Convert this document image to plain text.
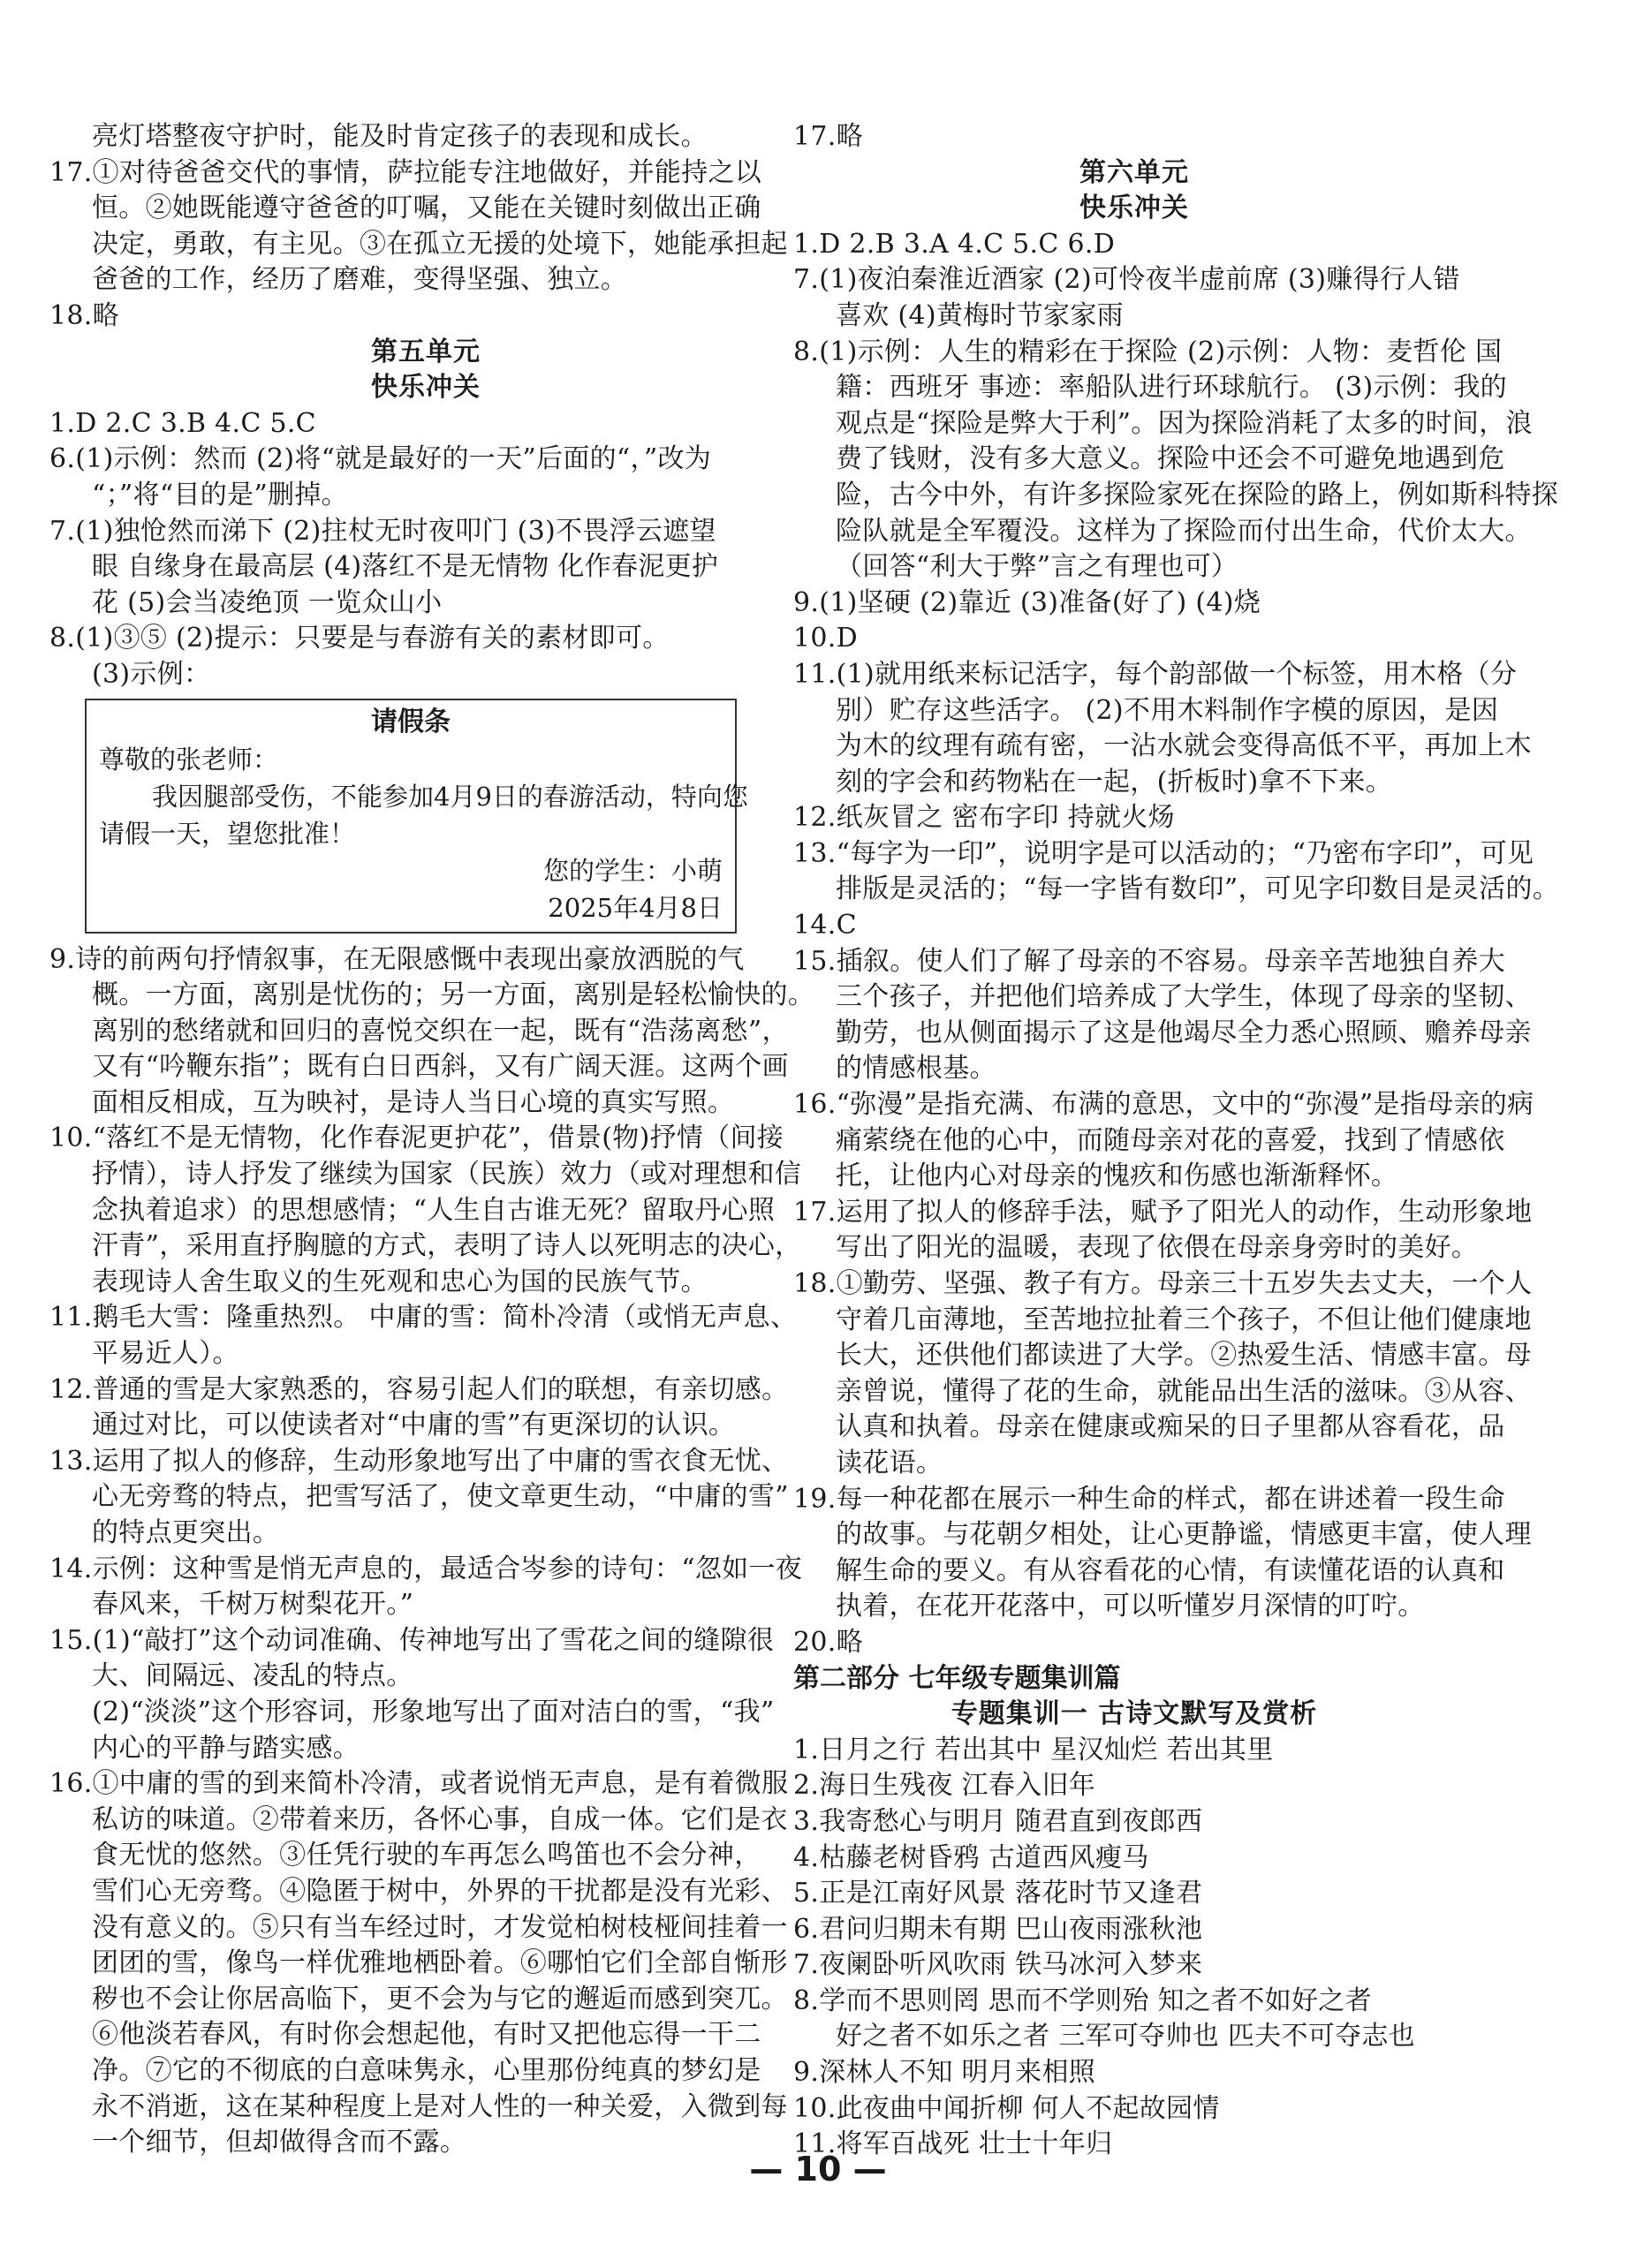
亮灯塔整夜守护时，能及时肯定孩子的表现和成长。
17.①对待爸爸交代的事情，萨拉能专注地做好，并能持之以
恒。②她既能遵守爸爸的叮嘱，又能在关键时刻做出正确
决定，勇敢，有主见。③在孤立无援的处境下，她能承担起
爸爸的工作，经历了磨难，变得坚强、独立。
18.略
第五单元
快乐冲关
1.D 2.C 3.B 4.C 5.C
6.(1)示例：然而 (2)将“就是最好的一天”后面的“，”改为
“；”将“目的是”删掉。
7.(1)独怆然而涕下 (2)拄杖无时夜叩门 (3)不畏浮云遮望
眼 自缘身在最高层 (4)落红不是无情物 化作春泥更护
花 (5)会当凌绝顶 一览众山小
8.(1)③⑤ (2)提示：只要是与春游有关的素材即可。
(3)示例：
请假条
尊敬的张老师：
我因腿部受伤，不能参加4月9日的春游活动，特向您
请假一天，望您批准！
您的学生：小萌
2025年4月8日
9.诗的前两句抒情叙事，在无限感慨中表现出豪放洒脱的气
概。一方面，离别是忧伤的；另一方面，离别是轻松愉快的。
离别的愁绪就和回归的喜悦交织在一起，既有“浩荡离愁”，
又有“吟鞭东指”；既有白日西斜，又有广阔天涯。这两个画
面相反相成，互为映衬，是诗人当日心境的真实写照。
10.“落红不是无情物，化作春泥更护花”，借景(物)抒情（间接
抒情），诗人抒发了继续为国家（民族）效力（或对理想和信
念执着追求）的思想感情；“人生自古谁无死？留取丹心照
汗青”，采用直抒胸臆的方式，表明了诗人以死明志的决心，
表现诗人舍生取义的生死观和忠心为国的民族气节。
11.鹅毛大雪：隆重热烈。 中庸的雪：简朴冷清（或悄无声息、
平易近人）。
12.普通的雪是大家熟悉的，容易引起人们的联想，有亲切感。
通过对比，可以使读者对“中庸的雪”有更深切的认识。
13.运用了拟人的修辞，生动形象地写出了中庸的雪衣食无忧、
心无旁骛的特点，把雪写活了，使文章更生动，“中庸的雪”
的特点更突出。
14.示例：这种雪是悄无声息的，最适合岑参的诗句：“忽如一夜
春风来，千树万树梨花开。”
15.(1)“敲打”这个动词准确、传神地写出了雪花之间的缝隙很
大、间隔远、凌乱的特点。
(2)“淡淡”这个形容词，形象地写出了面对洁白的雪，“我”
内心的平静与踏实感。
16.①中庸的雪的到来简朴冷清，或者说悄无声息，是有着微服
私访的味道。②带着来历，各怀心事，自成一体。它们是衣
食无忧的悠然。③任凭行驶的车再怎么鸣笛也不会分神，
雪们心无旁骛。④隐匿于树中，外界的干扰都是没有光彩、
没有意义的。⑤只有当车经过时，才发觉柏树枝桠间挂着一
团团的雪，像鸟一样优雅地栖卧着。⑥哪怕它们全部自惭形
秽也不会让你居高临下，更不会为与它的邂逅而感到突兀。
⑥他淡若春风，有时你会想起他，有时又把他忘得一干二
净。⑦它的不彻底的白意味隽永，心里那份纯真的梦幻是
永不消逝，这在某种程度上是对人性的一种关爱，入微到每
一个细节，但却做得含而不露。
17.略
第六单元
快乐冲关
1.D 2.B 3.A 4.C 5.C 6.D
7.(1)夜泊秦淮近酒家 (2)可怜夜半虚前席 (3)赚得行人错
喜欢 (4)黄梅时节家家雨
8.(1)示例：人生的精彩在于探险 (2)示例：人物：麦哲伦 国
籍：西班牙 事迹：率船队进行环球航行。 (3)示例：我的
观点是“探险是弊大于利”。因为探险消耗了太多的时间，浪
费了钱财，没有多大意义。探险中还会不可避免地遇到危
险，古今中外，有许多探险家死在探险的路上，例如斯科特探
险队就是全军覆没。这样为了探险而付出生命，代价太大。
（回答“利大于弊”言之有理也可）
9.(1)坚硬 (2)靠近 (3)准备(好了) (4)烧
10.D
11.(1)就用纸来标记活字，每个韵部做一个标签，用木格（分
别）贮存这些活字。 (2)不用木料制作字模的原因，是因
为木的纹理有疏有密，一沾水就会变得高低不平，再加上木
刻的字会和药物粘在一起，(折板时)拿不下来。
12.纸灰冒之 密布字印 持就火炀
13.“每字为一印”，说明字是可以活动的；“乃密布字印”，可见
排版是灵活的；“每一字皆有数印”，可见字印数目是灵活的。
14.C
15.插叙。使人们了解了母亲的不容易。母亲辛苦地独自养大
三个孩子，并把他们培养成了大学生，体现了母亲的坚韧、
勤劳，也从侧面揭示了这是他竭尽全力悉心照顾、赡养母亲
的情感根基。
16.“弥漫”是指充满、布满的意思，文中的“弥漫”是指母亲的病
痛萦绕在他的心中，而随母亲对花的喜爱，找到了情感依
托，让他内心对母亲的愧疚和伤感也渐渐释怀。
17.运用了拟人的修辞手法，赋予了阳光人的动作，生动形象地
写出了阳光的温暖，表现了依偎在母亲身旁时的美好。
18.①勤劳、坚强、教子有方。母亲三十五岁失去丈夫，一个人
守着几亩薄地，至苦地拉扯着三个孩子，不但让他们健康地
长大，还供他们都读进了大学。②热爱生活、情感丰富。母
亲曾说，懂得了花的生命，就能品出生活的滋味。③从容、
认真和执着。母亲在健康或痴呆的日子里都从容看花，品
读花语。
19.每一种花都在展示一种生命的样式，都在讲述着一段生命
的故事。与花朝夕相处，让心更静谧，情感更丰富，使人理
解生命的要义。有从容看花的心情，有读懂花语的认真和
执着，在花开花落中，可以听懂岁月深情的叮咛。
20.略
第二部分 七年级专题集训篇
专题集训一 古诗文默写及赏析
1.日月之行 若出其中 星汉灿烂 若出其里
2.海日生残夜 江春入旧年
3.我寄愁心与明月 随君直到夜郎西
4.枯藤老树昏鸦 古道西风瘦马
5.正是江南好风景 落花时节又逢君
6.君问归期未有期 巴山夜雨涨秋池
7.夜阑卧听风吹雨 铁马冰河入梦来
8.学而不思则罔 思而不学则殆 知之者不如好之者
好之者不如乐之者 三军可夺帅也 匹夫不可夺志也
9.深林人不知 明月来相照
10.此夜曲中闻折柳 何人不起故园情
11.将军百战死 壮士十年归
— 10 —
